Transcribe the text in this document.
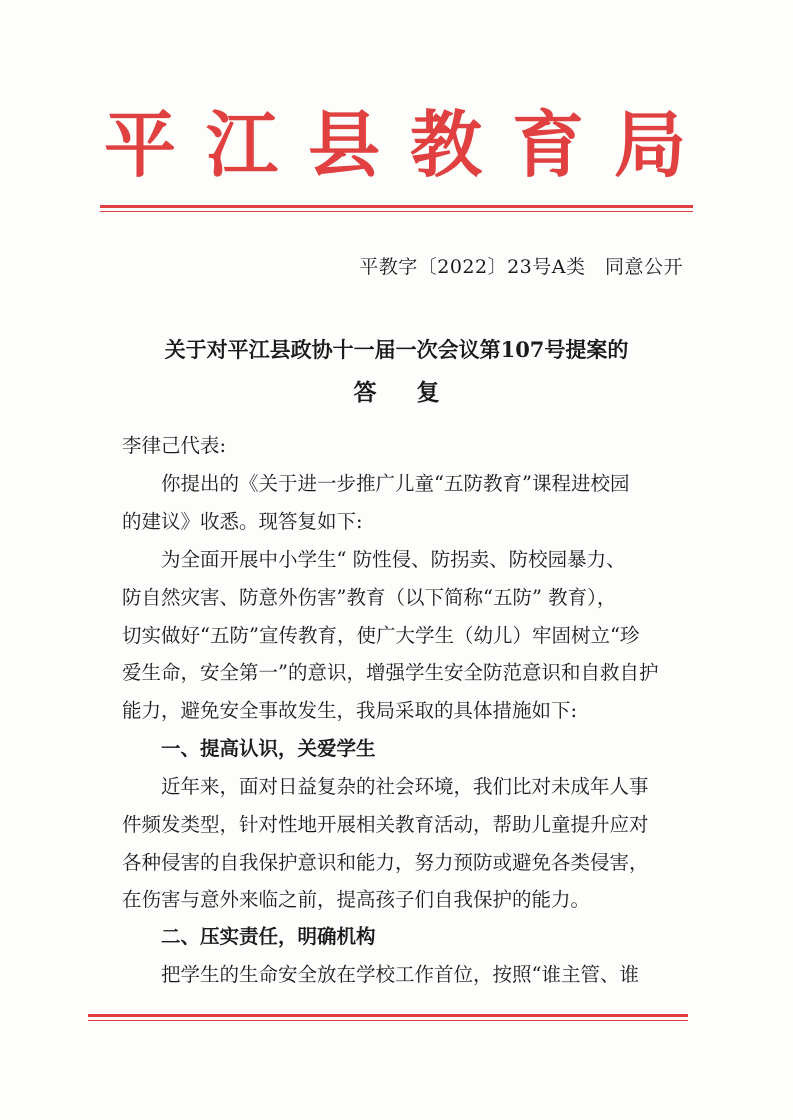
平 江 县 教 育 局
平教字〔2022〕23号A类　同意公开
关于对平江县政协十一届一次会议第107号提案的
答复
李律己代表:
你提出的《关于进一步推广儿童“五防教育”课程进校园
的建议》收悉。现答复如下:
为全面开展中小学生“ 防性侵、防拐卖、防校园暴力、
防自然灾害、防意外伤害”教育（以下简称“五防” 教育），
切实做好“五防”宣传教育，使广大学生（幼儿）牢固树立“珍
爱生命，安全第一”的意识，增强学生安全防范意识和自救自护
能力，避免安全事故发生，我局采取的具体措施如下:
一、提高认识，关爱学生
近年来，面对日益复杂的社会环境，我们比对未成年人事
件频发类型，针对性地开展相关教育活动，帮助儿童提升应对
各种侵害的自我保护意识和能力，努力预防或避免各类侵害，
在伤害与意外来临之前，提高孩子们自我保护的能力。
二、压实责任，明确机构
把学生的生命安全放在学校工作首位，按照“谁主管、谁
